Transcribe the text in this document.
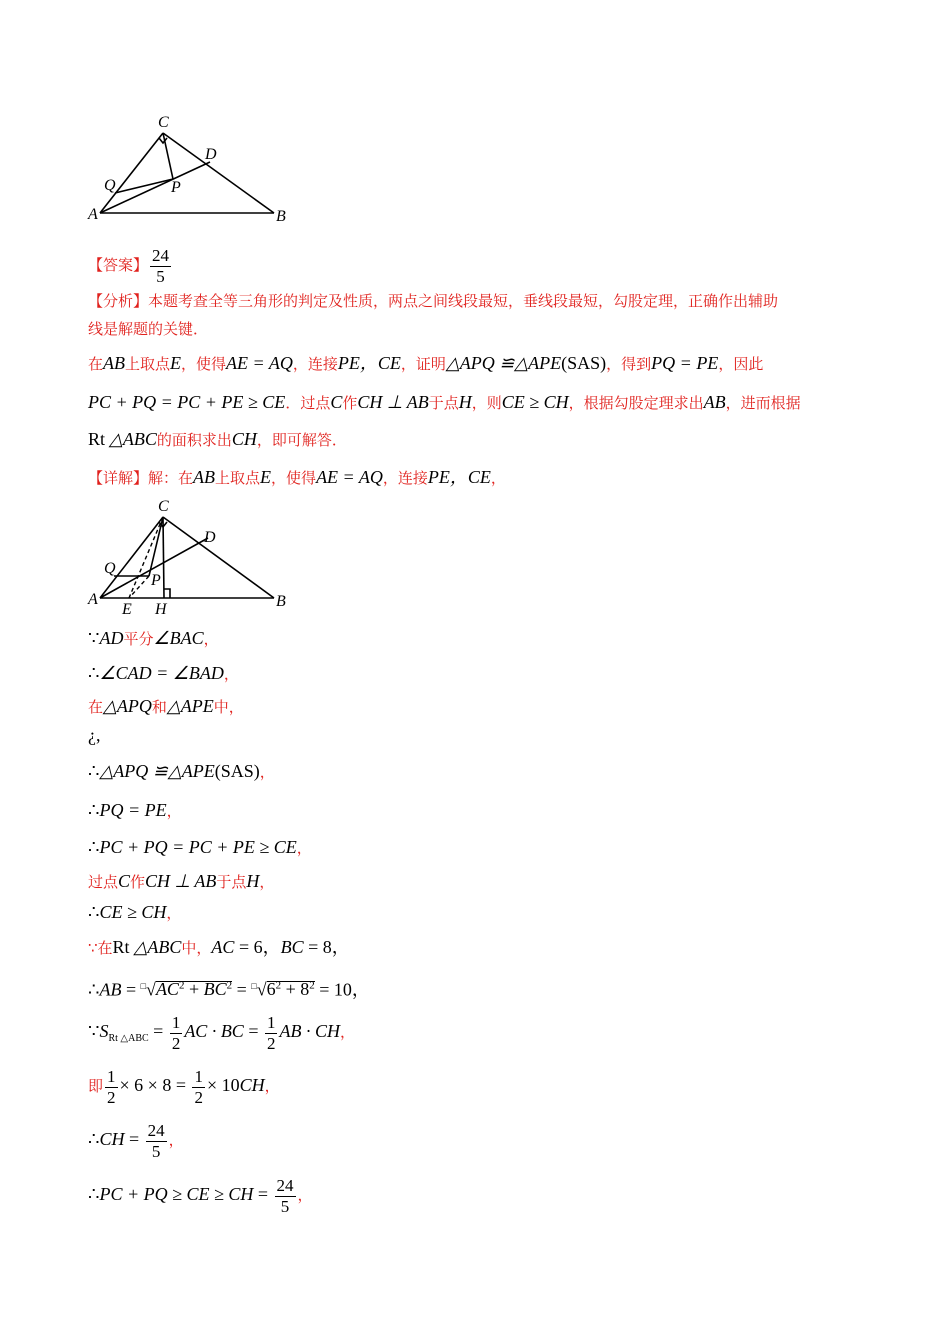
C
D
Q	P
A	B
【答案】 $\frac{24}{5}$
【分析】本题考查全等三角形的判定及性质，两点之间线段最短，垂线段最短，勾股定理，正确作出辅助
线是解题的关键．
在AB上取点E，使得AE = AQ，连接PE，CE，证明△APQ ≌△APE(SAS)，得到PQ = PE，因此
PC + PQ = PC + PE ≥ CE．过点C作CH ⊥ AB于点H，则CE ≥ CH，根据勾股定理求出AB，进而根据
Rt △ABC的面积求出CH，即可解答．
【详解】解：在AB上取点E，使得AE = AQ，连接PE，CE，
C
D
Q
P
A	B
E H
∵AD平分∠BAC，
∴∠CAD = ∠BAD，
在△APQ和△APE中，
¿,
∴△APQ ≌△APE(SAS)，
∴PQ = PE，
∴PC + PQ = PC + PE ≥ CE，
过点C作CH ⊥ AB于点H，
∴CE ≥ CH，
∵在Rt △ABC中，AC = 6，BC = 8，
∴AB = $^□√AC^2 + BC^2 = ^□√6^2 + 8^2 = 10$，
$\because S_{Rt \triangle ABC} = \frac{1}{2}$ AC · BC = $\frac{1}{2}$ AB · CH，
即 $\frac{1}{2} \times 6 \times 8 = \frac{1}{2} \times 10CH$，
∴CH = $\frac{24}{5}$ ，
∴PC + PQ ≥ CE ≥ CH = $\frac{24}{5}$ ，
